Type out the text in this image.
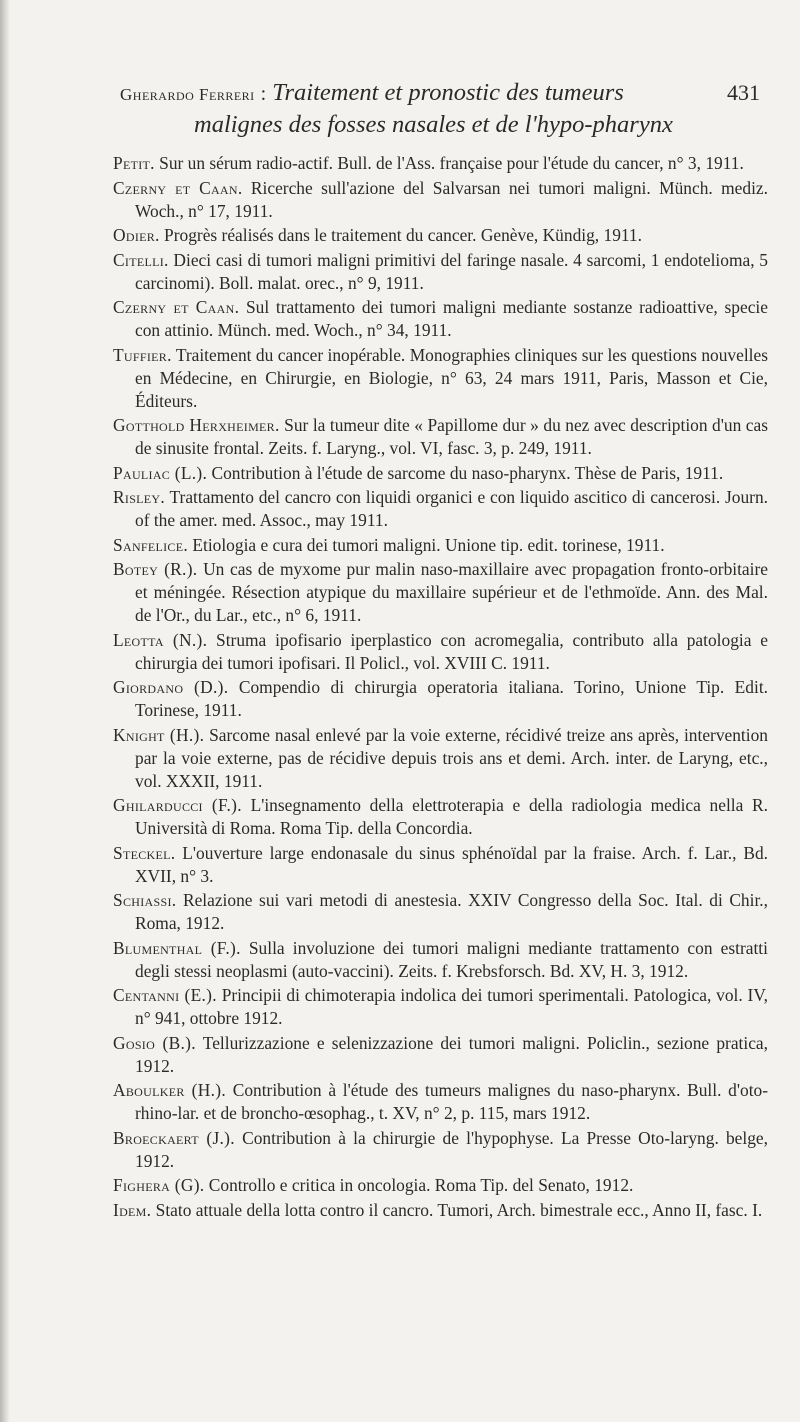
Gherardo Ferreri : Traitement et pronostic des tumeurs	431
malignes des fosses nasales et de l'hypo-pharynx
Petit. Sur un sérum radio-actif. Bull. de l'Ass. française pour l'étude du cancer, n° 3, 1911.
Czerny et Caan. Ricerche sull'azione del Salvarsan nei tumori maligni. Münch. mediz. Woch., n° 17, 1911.
Odier. Progrès réalisés dans le traitement du cancer. Genève, Kündig, 1911.
Citelli. Dieci casi di tumori maligni primitivi del faringe nasale. 4 sarcomi, 1 endotelioma, 5 carcinomi). Boll. malat. orec., n° 9, 1911.
Czerny et Caan. Sul trattamento dei tumori maligni mediante sostanze radioattive, specie con attinio. Münch. med. Woch., n° 34, 1911.
Tuffier. Traitement du cancer inopérable. Monographies cliniques sur les questions nouvelles en Médecine, en Chirurgie, en Biologie, n° 63, 24 mars 1911, Paris, Masson et Cie, Éditeurs.
Gotthold Herxheimer. Sur la tumeur dite « Papillome dur » du nez avec description d'un cas de sinusite frontal. Zeits. f. Laryng., vol. VI, fasc. 3, p. 249, 1911.
Pauliac (L.). Contribution à l'étude de sarcome du naso-pharynx. Thèse de Paris, 1911.
Risley. Trattamento del cancro con liquidi organici e con liquido ascitico di cancerosi. Journ. of the amer. med. Assoc., may 1911.
Sanfelice. Etiologia e cura dei tumori maligni. Unione tip. edit. torinese, 1911.
Botey (R.). Un cas de myxome pur malin naso-maxillaire avec propagation fronto-orbitaire et méningée. Résection atypique du maxillaire supérieur et de l'ethmoïde. Ann. des Mal. de l'Or., du Lar., etc., n° 6, 1911.
Leotta (N.). Struma ipofisario iperplastico con acromegalia, contributo alla patologia e chirurgia dei tumori ipofisari. Il Policl., vol. XVIII C. 1911.
Giordano (D.). Compendio di chirurgia operatoria italiana. Torino, Unione Tip. Edit. Torinese, 1911.
Knight (H.). Sarcome nasal enlevé par la voie externe, récidivé treize ans après, intervention par la voie externe, pas de récidive depuis trois ans et demi. Arch. inter. de Laryng, etc., vol. XXXII, 1911.
Ghilarducci (F.). L'insegnamento della elettroterapia e della radiologia medica nella R. Università di Roma. Roma Tip. della Concordia.
Steckel. L'ouverture large endonasale du sinus sphénoïdal par la fraise. Arch. f. Lar., Bd. XVII, n° 3.
Schiassi. Relazione sui vari metodi di anestesia. XXIV Congresso della Soc. Ital. di Chir., Roma, 1912.
Blumenthal (F.). Sulla involuzione dei tumori maligni mediante trattamento con estratti degli stessi neoplasmi (auto-vaccini). Zeits. f. Krebsforsch. Bd. XV, H. 3, 1912.
Centanni (E.). Principii di chimoterapia indolica dei tumori sperimentali. Patologica, vol. IV, n° 941, ottobre 1912.
Gosio (B.). Tellurizzazione e selenizzazione dei tumori maligni. Policlin., sezione pratica, 1912.
Aboulker (H.). Contribution à l'étude des tumeurs malignes du naso-pharynx. Bull. d'oto-rhino-lar. et de broncho-œsophag., t. XV, n° 2, p. 115, mars 1912.
Broeckaert (J.). Contribution à la chirurgie de l'hypophyse. La Presse Oto-laryng. belge, 1912.
Fighera (G). Controllo e critica in oncologia. Roma Tip. del Senato, 1912.
Idem. Stato attuale della lotta contro il cancro. Tumori, Arch. bimestrale ecc., Anno II, fasc. I.
